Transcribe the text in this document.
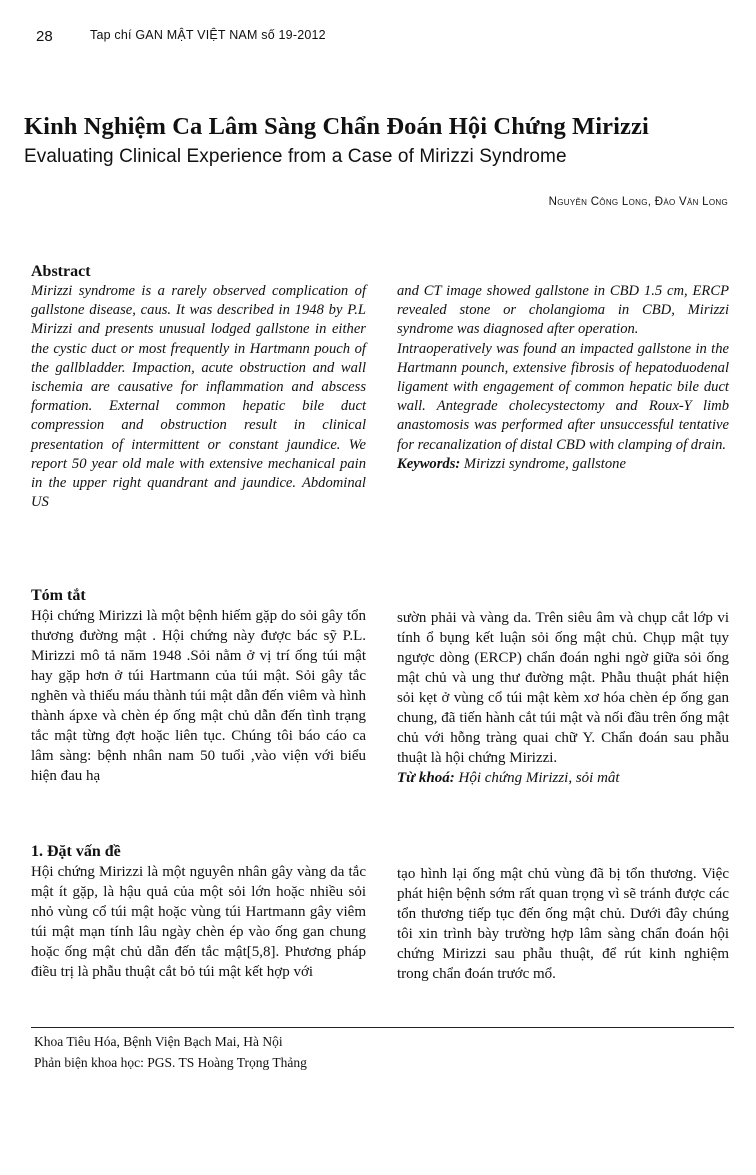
28	Tap chí GAN MẬT VIỆT NAM số 19-2012
Kinh Nghiệm Ca Lâm Sàng Chẩn Đoán Hội Chứng Mirizzi
Evaluating Clinical Experience from a Case of Mirizzi Syndrome
Nguyễn Công Long, Đào Văn Long
Abstract

Mirizzi syndrome is a rarely observed complication of gallstone disease, caus. It was described in 1948 by P.L Mirizzi and presents unusual lodged gallstone in either the cystic duct or most frequently in Hartmann pouch of the gallbladder. Impaction, acute obstruction and wall ischemia are causative for inflammation and abscess formation. External common hepatic bile duct compression and obstruction result in clinical presentation of intermittent or constant jaundice. We report 50 year old male with extensive mechanical pain in the upper right quandrant and jaundice. Abdominal US

and CT image showed gallstone in CBD 1.5 cm, ERCP revealed stone or cholangioma in CBD, Mirizzi syndrome was diagnosed after operation.

Intraoperatively was found an impacted gallstone in the Hartmann pounch, extensive fibrosis of hepatoduodenal ligament with engagement of common hepatic bile duct wall. Antegrade cholecystectomy and Roux-Y limb anastomosis was performed after unsuccessful tentative for recanalization of distal CBD with clamping of drain.

Keywords: Mirizzi syndrome, gallstone

Tóm tắt

Hội chứng Mirizzi là một bệnh hiếm gặp do sỏi gây tổn thương đường mật . Hội chứng này được bác sỹ P.L. Mirizzi mô tả năm 1948 .Sỏi nằm ở vị trí ống túi mật hay gặp hơn ở túi Hartmann của túi mật. Sỏi gây tắc nghẽn và thiếu máu thành túi mật dẫn đến viêm và hình thành ápxe và chèn ép ống mật chủ dẫn đến tình trạng tắc mật từng đợt hoặc liên tục. Chúng tôi báo cáo ca lâm sàng: bệnh nhân nam 50 tuổi ,vào viện với biểu hiện đau hạ

sườn phải và vàng da. Trên siêu âm và chụp cắt lớp vi tính ổ bụng kết luận sỏi ống mật chủ. Chụp mật tụy ngược dòng (ERCP) chẩn đoán nghi ngờ giữa sỏi ống mật chủ và ung thư đường mật. Phẫu thuật phát hiện sỏi kẹt ở vùng cổ túi mật kèm xơ hóa chèn ép ống gan chung, đã tiến hành cắt túi mật và nối đầu trên ống mật chủ với hỗng tràng quai chữ Y. Chẩn đoán sau phẫu thuật là hội chứng Mirizzi.

Từ khoá: Hội chứng Mirizzi, sỏi mât

1. Đặt vấn đề

Hội chứng Mirizzi là một nguyên nhân gây vàng da tắc mật ít gặp, là hậu quả của một sỏi lớn hoặc nhiều sỏi nhỏ vùng cổ túi mật hoặc vùng túi Hartmann gây viêm túi mật mạn tính lâu ngày chèn ép vào ống gan chung hoặc ống mật chủ dẫn đến tắc mật[5,8]. Phương pháp điều trị là phẫu thuật cắt bỏ túi mật kết hợp với

tạo hình lại ống mật chủ vùng đã bị tổn thương. Việc phát hiện bệnh sớm rất quan trọng vì sẽ tránh được các tổn thương tiếp tục đến ống mật chủ. Dưới đây chúng tôi xin trình bày trường hợp lâm sàng chẩn đoán hội chứng Mirizzi sau phẫu thuật, để rút kinh nghiệm trong chẩn đoán trước mổ.

Khoa Tiêu Hóa, Bệnh Viện Bạch Mai, Hà Nội
Phản biện khoa học: PGS. TS Hoàng Trọng Thảng
